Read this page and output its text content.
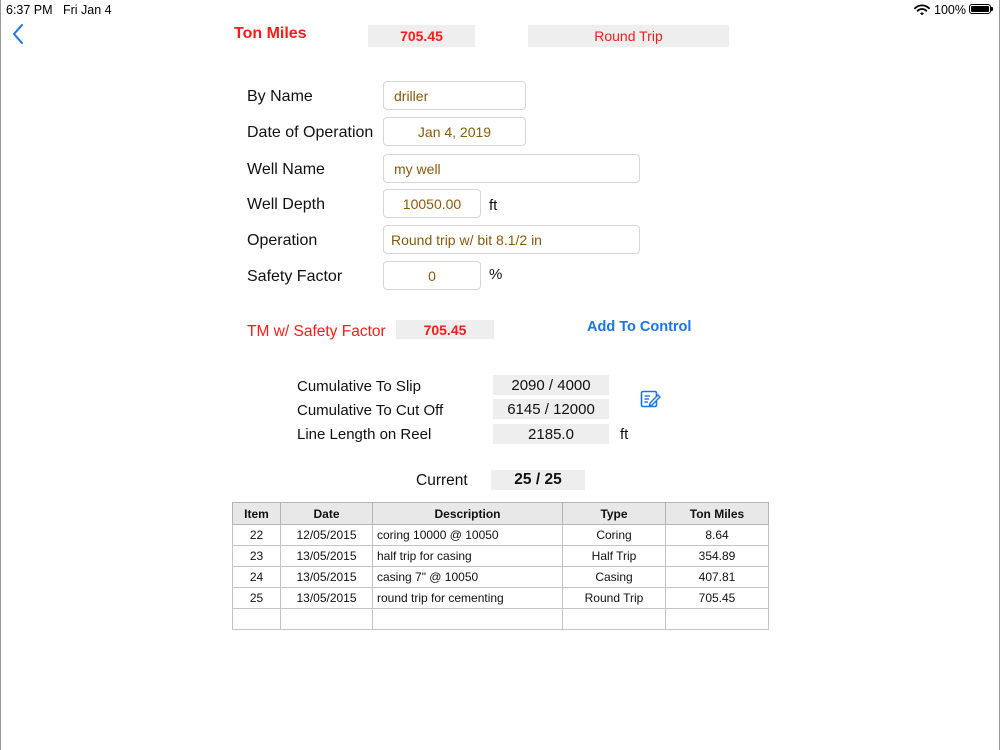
6:37 PM Fri Jan 4	100%
Ton Miles	705.45	Round Trip
By Name	driller
Date of Operation	Jan 4, 2019
Well Name	my well
Well Depth	10050.00	ft
Operation	Round trip w/ bit 8.1/2 in
Safety Factor	0	%
TM w/ Safety Factor	705.45	Add To Control
Cumulative To Slip	2090 / 4000
Cumulative To Cut Off	6145 / 12000
Line Length on Reel	2185.0	ft
Current	25 / 25
Item	Date	Description	Type	Ton Miles
22	12/05/2015	coring 10000 @ 10050	Coring	8.64
23	13/05/2015	half trip for casing	Half Trip	354.89
24	13/05/2015	casing 7" @ 10050	Casing	407.81
25	13/05/2015	round trip for cementing	Round Trip	705.45
